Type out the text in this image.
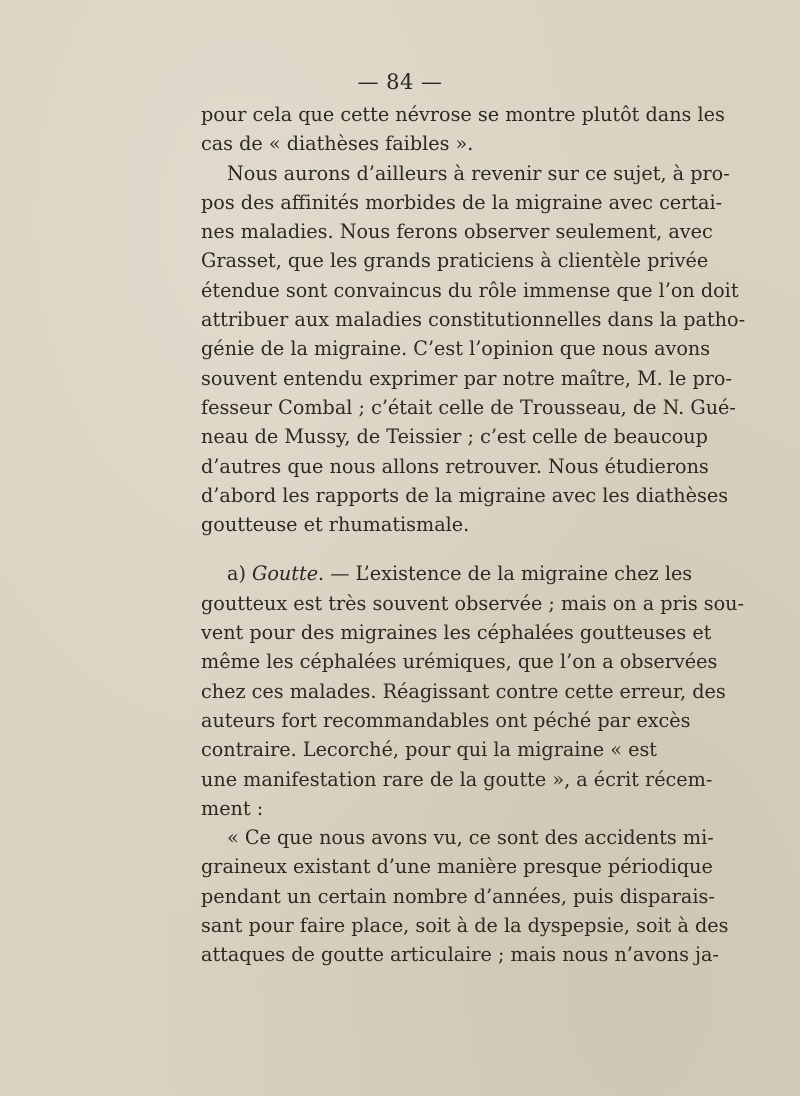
— 84 —
pour cela que cette névrose se montre plutôt dans les
cas de « diathèses faibles ».
Nous aurons d’ailleurs à revenir sur ce sujet, à pro-
pos des affinités morbides de la migraine avec certai-
nes maladies. Nous ferons observer seulement, avec
Grasset, que les grands praticiens à clientèle privée
étendue sont convaincus du rôle immense que l’on doit
attribuer aux maladies constitutionnelles dans la patho-
génie de la migraine. C’est l’opinion que nous avons
souvent entendu exprimer par notre maître, M. le pro-
fesseur Combal ; c’était celle de Trousseau, de N. Gué-
neau de Mussy, de Teissier ; c’est celle de beaucoup
d’autres que nous allons retrouver. Nous étudierons
d’abord les rapports de la migraine avec les diathèses
goutteuse et rhumatismale.
a) Goutte. — L’existence de la migraine chez les
goutteux est très souvent observée ; mais on a pris sou-
vent pour des migraines les céphalées goutteuses et
même les céphalées urémiques, que l’on a observées
chez ces malades. Réagissant contre cette erreur, des
auteurs fort recommandables ont péché par excès
contraire. Lecorché, pour qui la migraine « est
une manifestation rare de la goutte », a écrit récem-
ment :
« Ce que nous avons vu, ce sont des accidents mi-
graineux existant d’une manière presque périodique
pendant un certain nombre d’années, puis disparais-
sant pour faire place, soit à de la dyspepsie, soit à des
attaques de goutte articulaire ; mais nous n’avons ja-
